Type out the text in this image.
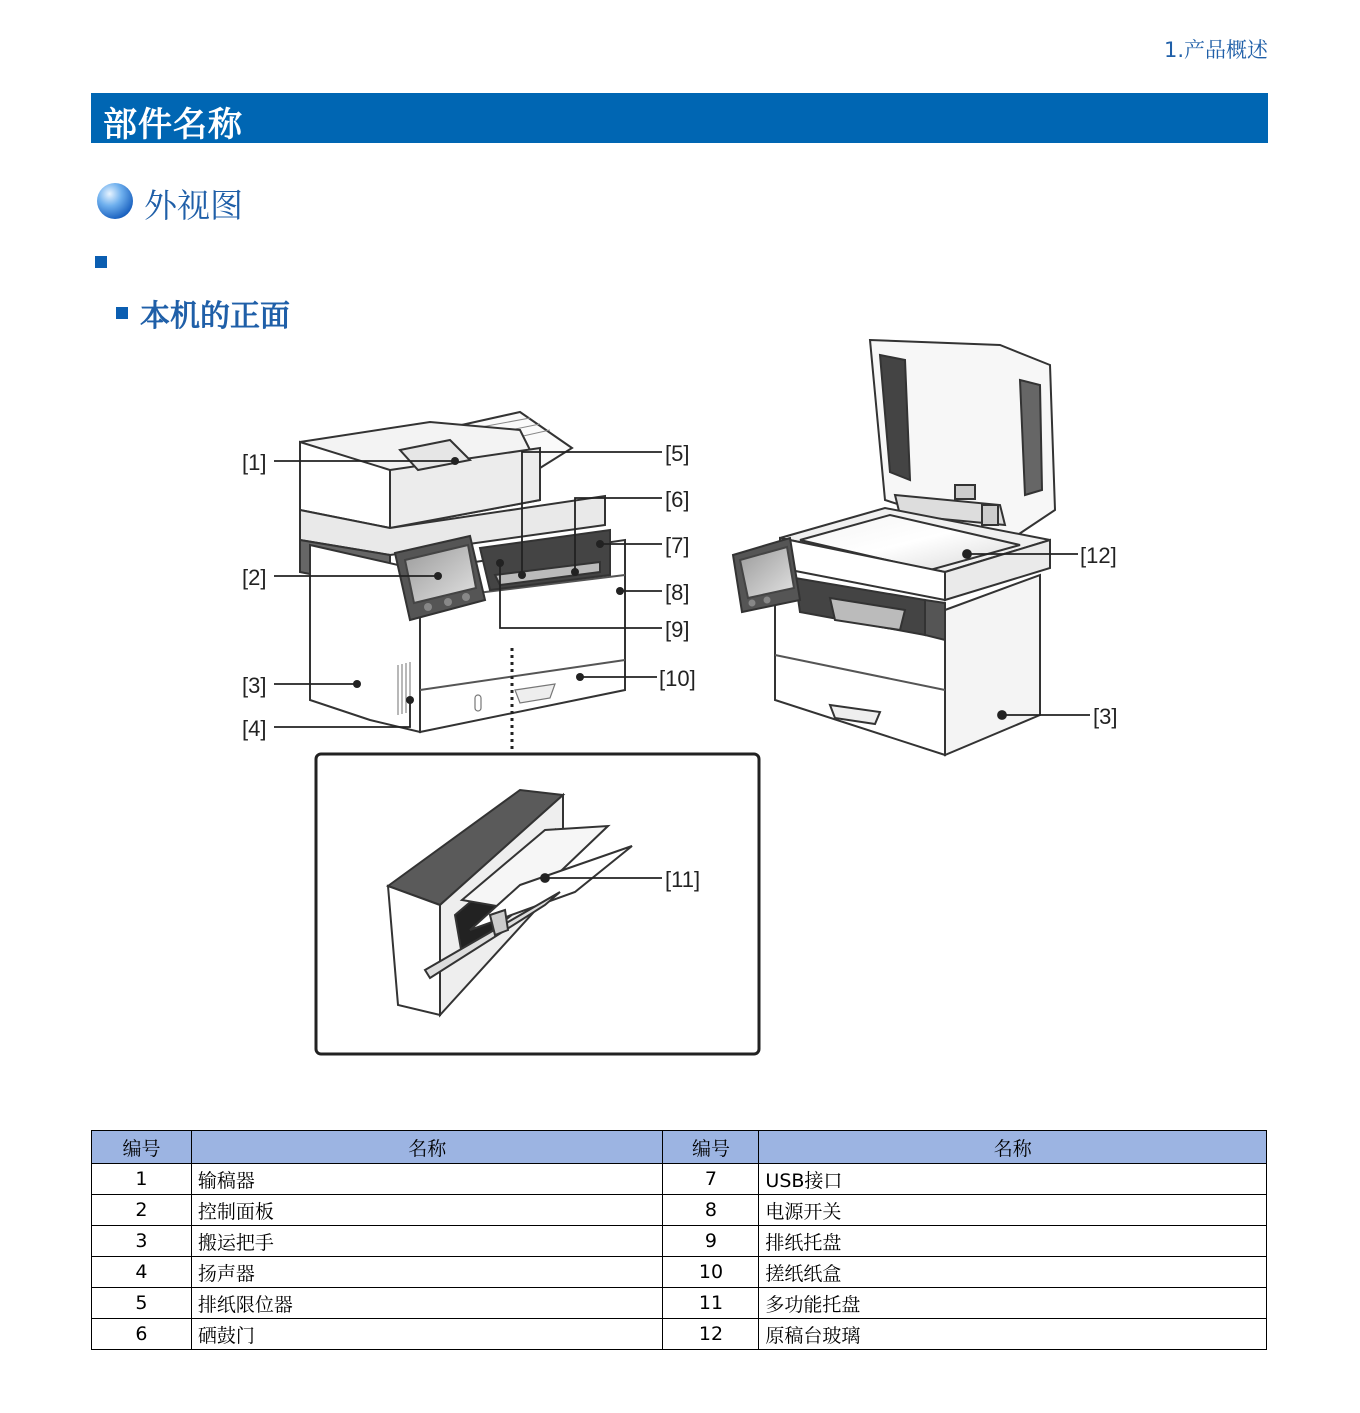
1.产品概述
部件名称
外视图
本机的正面
[1]
[2]
[3]
[4]
[5]
[6]
[7]
[8]
[9]
[10]
[11]
[12]
[3]
编号	名称	编号	名称
1	输稿器	7	USB接口
2	控制面板	8	电源开关
3	搬运把手	9	排纸托盘
4	扬声器	10	搓纸纸盒
5	排纸限位器	11	多功能托盘
6	硒鼓门	12	原稿台玻璃
